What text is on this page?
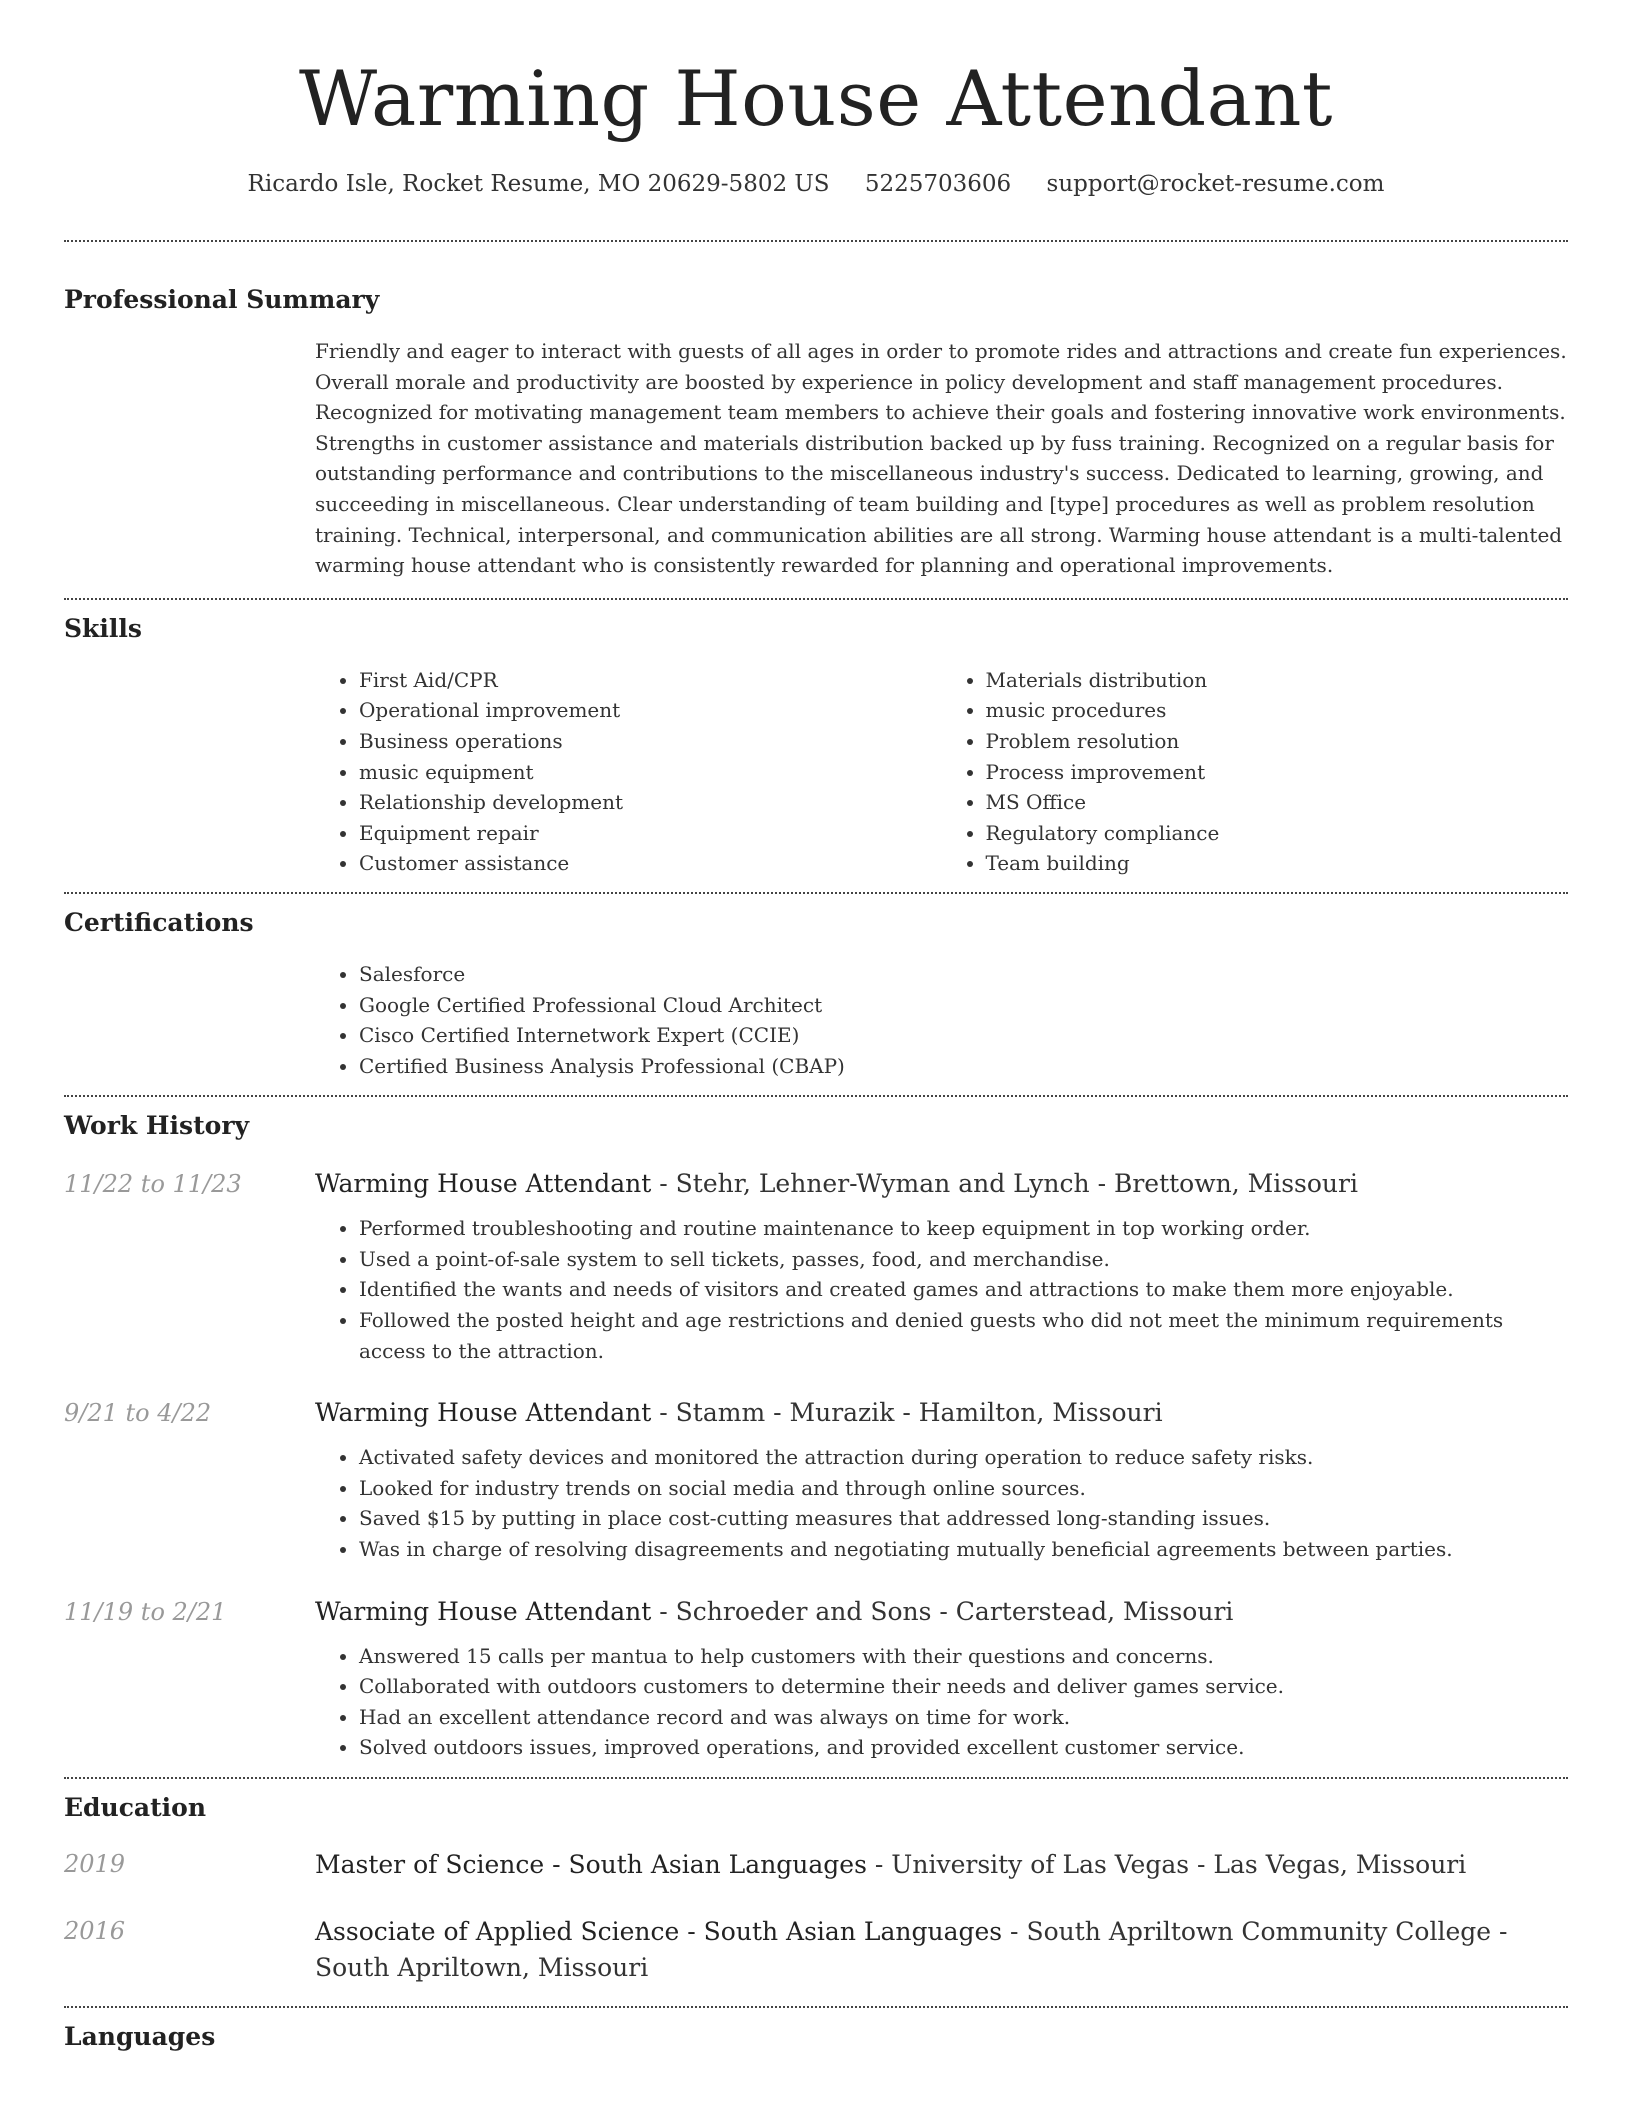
Warming House Attendant
Ricardo Isle, Rocket Resume, MO 20629-5802 US 5225703606 support@rocket-resume.com
Professional Summary

Friendly and eager to interact with guests of all ages in order to promote rides and attractions and create fun experiences. Overall morale and productivity are boosted by experience in policy development and staff management procedures. Recognized for motivating management team members to achieve their goals and fostering innovative work environments. Strengths in customer assistance and materials distribution backed up by fuss training. Recognized on a regular basis for outstanding performance and contributions to the miscellaneous industry's success. Dedicated to learning, growing, and succeeding in miscellaneous. Clear understanding of team building and [type] procedures as well as problem resolution training. Technical, interpersonal, and communication abilities are all strong. Warming house attendant is a multi-talented warming house attendant who is consistently rewarded for planning and operational improvements.

Skills
• First Aid/CPR
• Operational improvement
• Business operations
• music equipment
• Relationship development
• Equipment repair
• Customer assistance
• Materials distribution
• music procedures
• Problem resolution
• Process improvement
• MS Office
• Regulatory compliance
• Team building
Certifications
• Salesforce
• Google Certified Professional Cloud Architect
• Cisco Certified Internetwork Expert (CCIE)
• Certified Business Analysis Professional (CBAP)
Work History
11/22 to 11/23	Warming House Attendant - Stehr, Lehner-Wyman and Lynch - Brettown, Missouri
• Performed troubleshooting and routine maintenance to keep equipment in top working order.
• Used a point-of-sale system to sell tickets, passes, food, and merchandise.
• Identified the wants and needs of visitors and created games and attractions to make them more enjoyable.
• Followed the posted height and age restrictions and denied guests who did not meet the minimum requirements access to the attraction.
9/21 to 4/22	Warming House Attendant - Stamm - Murazik - Hamilton, Missouri
• Activated safety devices and monitored the attraction during operation to reduce safety risks.
• Looked for industry trends on social media and through online sources.
• Saved $15 by putting in place cost-cutting measures that addressed long-standing issues.
• Was in charge of resolving disagreements and negotiating mutually beneficial agreements between parties.
11/19 to 2/21	Warming House Attendant - Schroeder and Sons - Carterstead, Missouri
• Answered 15 calls per mantua to help customers with their questions and concerns.
• Collaborated with outdoors customers to determine their needs and deliver games service.
• Had an excellent attendance record and was always on time for work.
• Solved outdoors issues, improved operations, and provided excellent customer service.
Education
2019	Master of Science - South Asian Languages - University of Las Vegas - Las Vegas, Missouri
2016	Associate of Applied Science - South Asian Languages - South Apriltown Community College - South Apriltown, Missouri
Languages
